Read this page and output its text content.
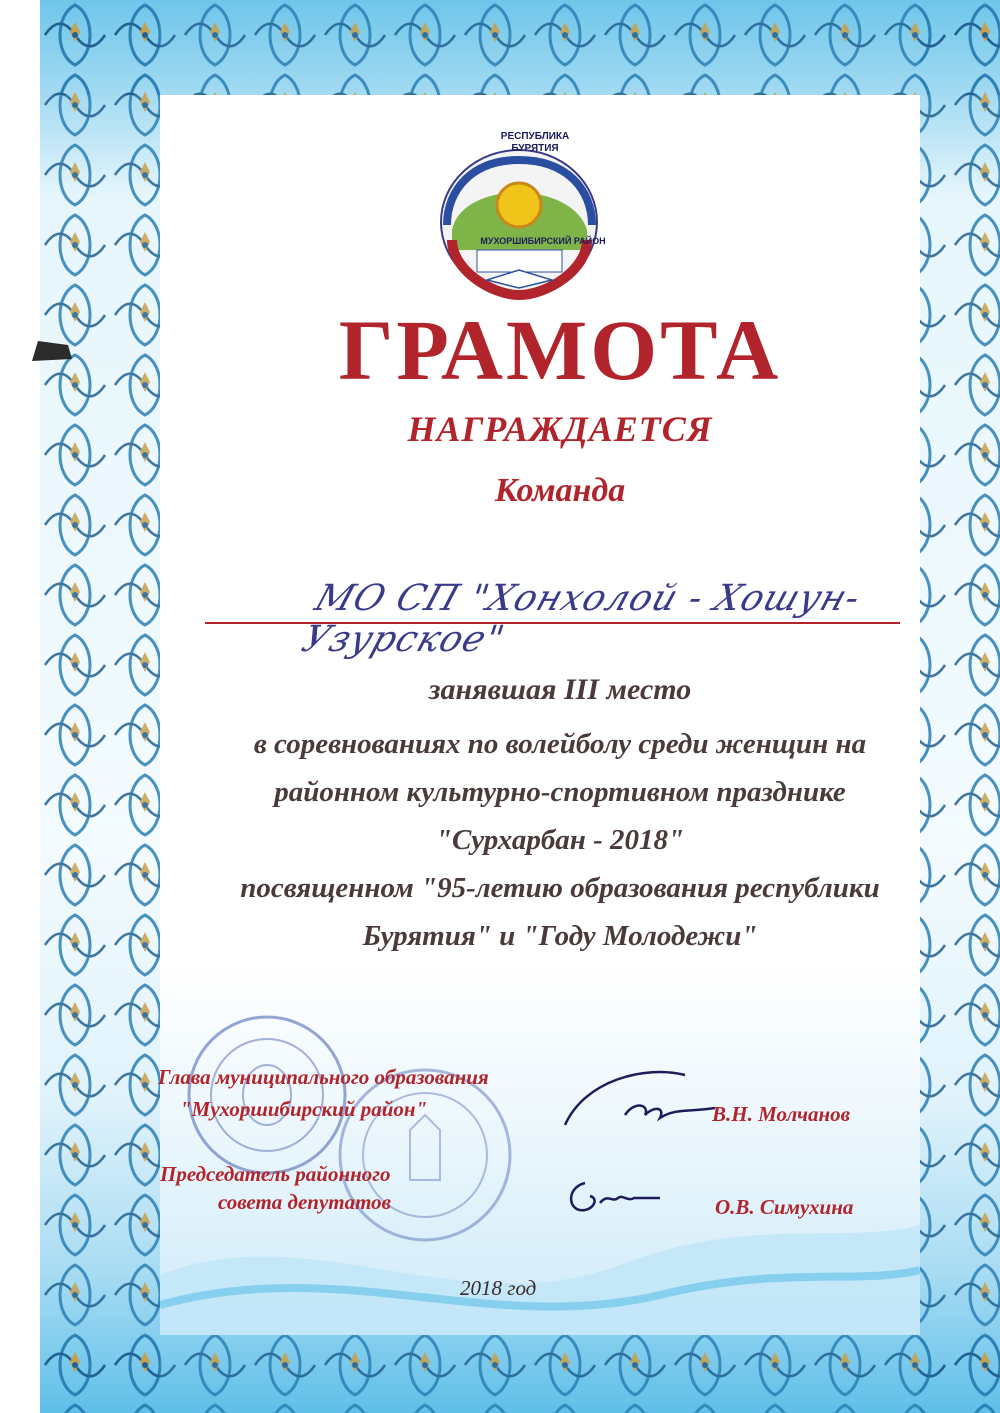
РЕСПУБЛИКА БУРЯТИЯ
МУХОРШИБИРСКИЙ РАЙОН
ГРАМОТА
НАГРАЖДАЕТСЯ
Команда
МО СП "Хонхолой - Хошун-Узурское"
занявшая III место
в соревнованиях по волейболу среди женщин на
районном культурно-спортивном празднике
"Сурхарбан - 2018"
посвященном "95-летию образования республики
Бурятия" и "Году Молодежи"
Глава муниципального образования
"Мухоршибирский район"	В.Н. Молчанов
Председатель районного
совета депутатов	О.В. Симухина
2018 год
